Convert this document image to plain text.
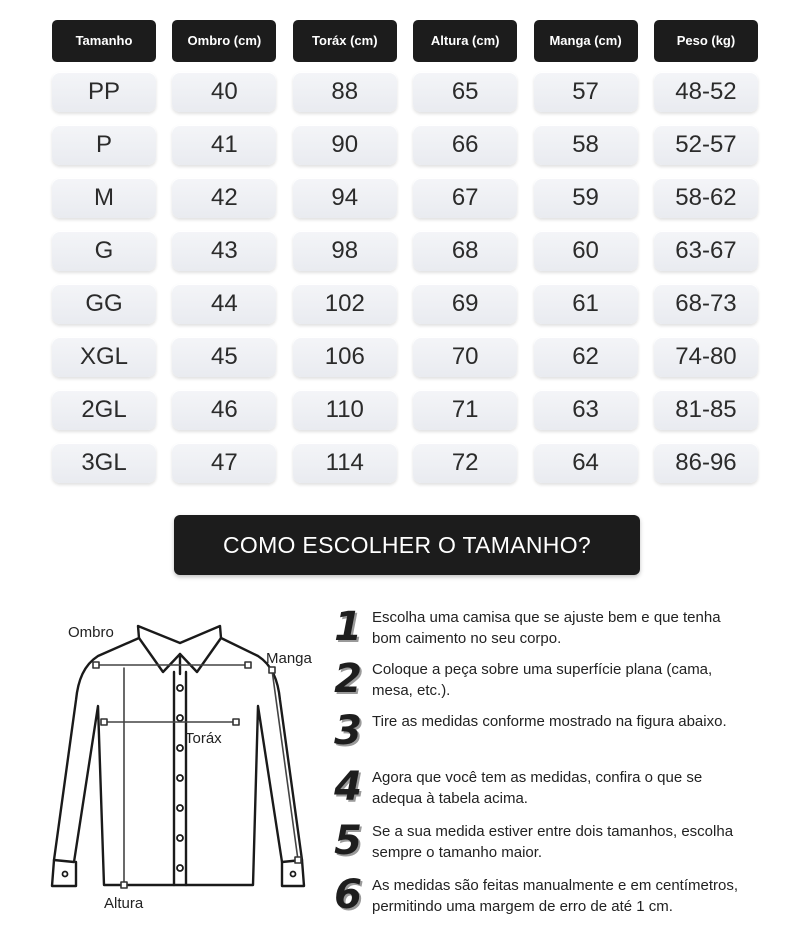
Tamanho	Ombro (cm)	Toráx (cm)	Altura (cm)	Manga (cm)	Peso (kg)
PP	40	88	65	57	48-52
P	41	90	66	58	52-57
M	42	94	67	59	58-62
G	43	98	68	60	63-67
GG	44	102	69	61	68-73
XGL	45	106	70	62	74-80
2GL	46	110	71	63	81-85
3GL	47	114	72	64	86-96
COMO ESCOLHER O TAMANHO?
Ombro
Manga
Toráx
Altura
1 Escolha uma camisa que se ajuste bem e que tenha bom caimento no seu corpo.
2 Coloque a peça sobre uma superfície plana (cama, mesa, etc.).
3 Tire as medidas conforme mostrado na figura abaixo.
4 Agora que você tem as medidas, confira o que se adequa à tabela acima.
5 Se a sua medida estiver entre dois tamanhos, escolha sempre o tamanho maior.
6 As medidas são feitas manualmente e em centímetros, permitindo uma margem de erro de até 1 cm.
